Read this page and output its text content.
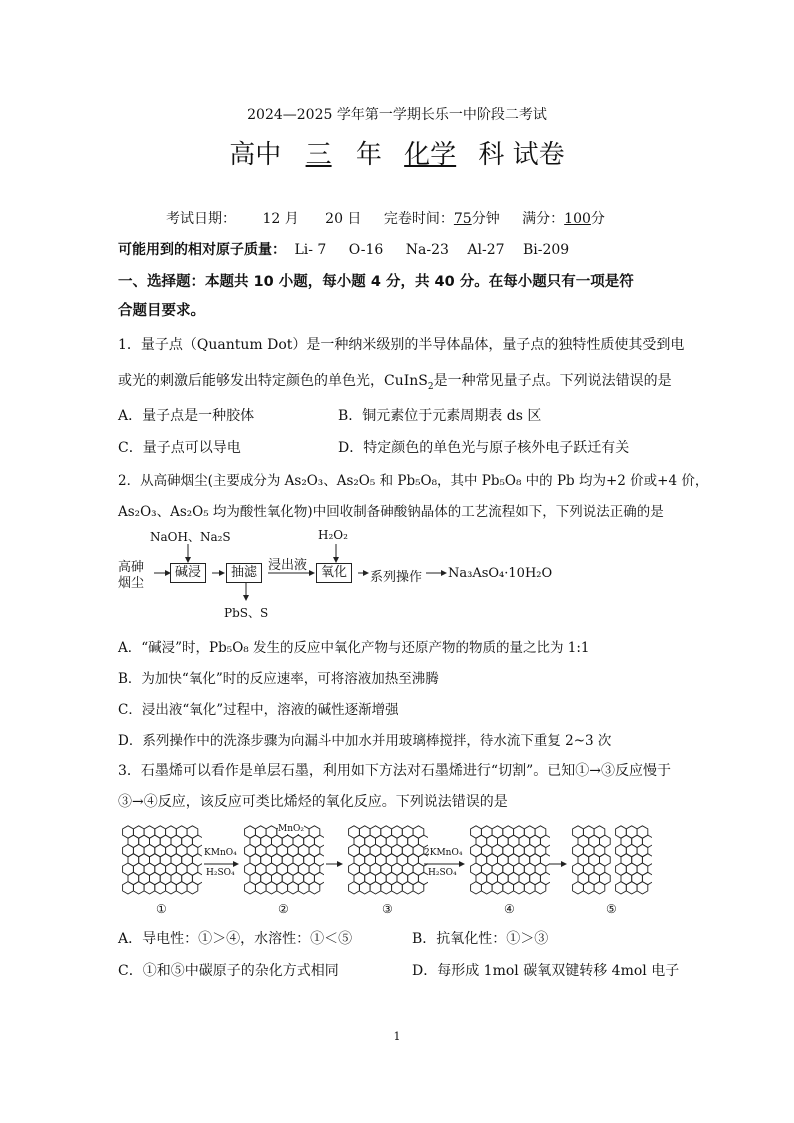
2024—2025 学年第一学期长乐一中阶段二考试
高中 三 年 化学 科 试卷
考试日期： 12 月 20 日 完卷时间：75分钟 满分：100分
可能用到的相对原子质量： Li- 7 O-16 Na-23 Al-27 Bi-209
一、选择题：本题共 10 小题，每小题 4 分，共 40 分。在每小题只有一项是符
合题目要求。
1．量子点（Quantum Dot）是一种纳米级别的半导体晶体，量子点的独特性质使其受到电
或光的刺激后能够发出特定颜色的单色光，CuInS$_2$是一种常见量子点。下列说法错误的是
A．量子点是一种胶体	B．铜元素位于元素周期表 ds 区
C．量子点可以导电	D．特定颜色的单色光与原子核外电子跃迁有关
2．从高砷烟尘(主要成分为 As₂O₃、As₂O₅ 和 Pb₅O₈，其中 Pb₅O₈ 中的 Pb 均为+2 价或+4 价，
As₂O₃、As₂O₅ 均为酸性氧化物)中回收制备砷酸钠晶体的工艺流程如下，下列说法正确的是
NaOH、Na₂S	H₂O₂
高砷
烟尘
碱浸	抽滤 浸出液	氧化	系列操作 Na₃AsO₄·10H₂O
PbS、S
A．“碱浸”时，Pb₅O₈ 发生的反应中氧化产物与还原产物的物质的量之比为 1:1
B．为加快“氧化”时的反应速率，可将溶液加热至沸腾
C．浸出液“氧化”过程中，溶液的碱性逐渐增强
D．系列操作中的洗涤步骤为向漏斗中加水并用玻璃棒搅拌，待水流下重复 2~3 次
3．石墨烯可以看作是单层石墨，利用如下方法对石墨烯进行“切割”。已知①→③反应慢于
③→④反应，该反应可类比烯烃的氧化反应。下列说法错误的是
KMnO₄
H₂SO₄
2KMnO₄
H₂SO₄
MnO₂
①	②	③	④	⑤
A．导电性：①＞④，水溶性：①＜⑤	B．抗氧化性：①＞③
C．①和⑤中碳原子的杂化方式相同	D．每形成 1mol 碳氧双键转移 4mol 电子
1
